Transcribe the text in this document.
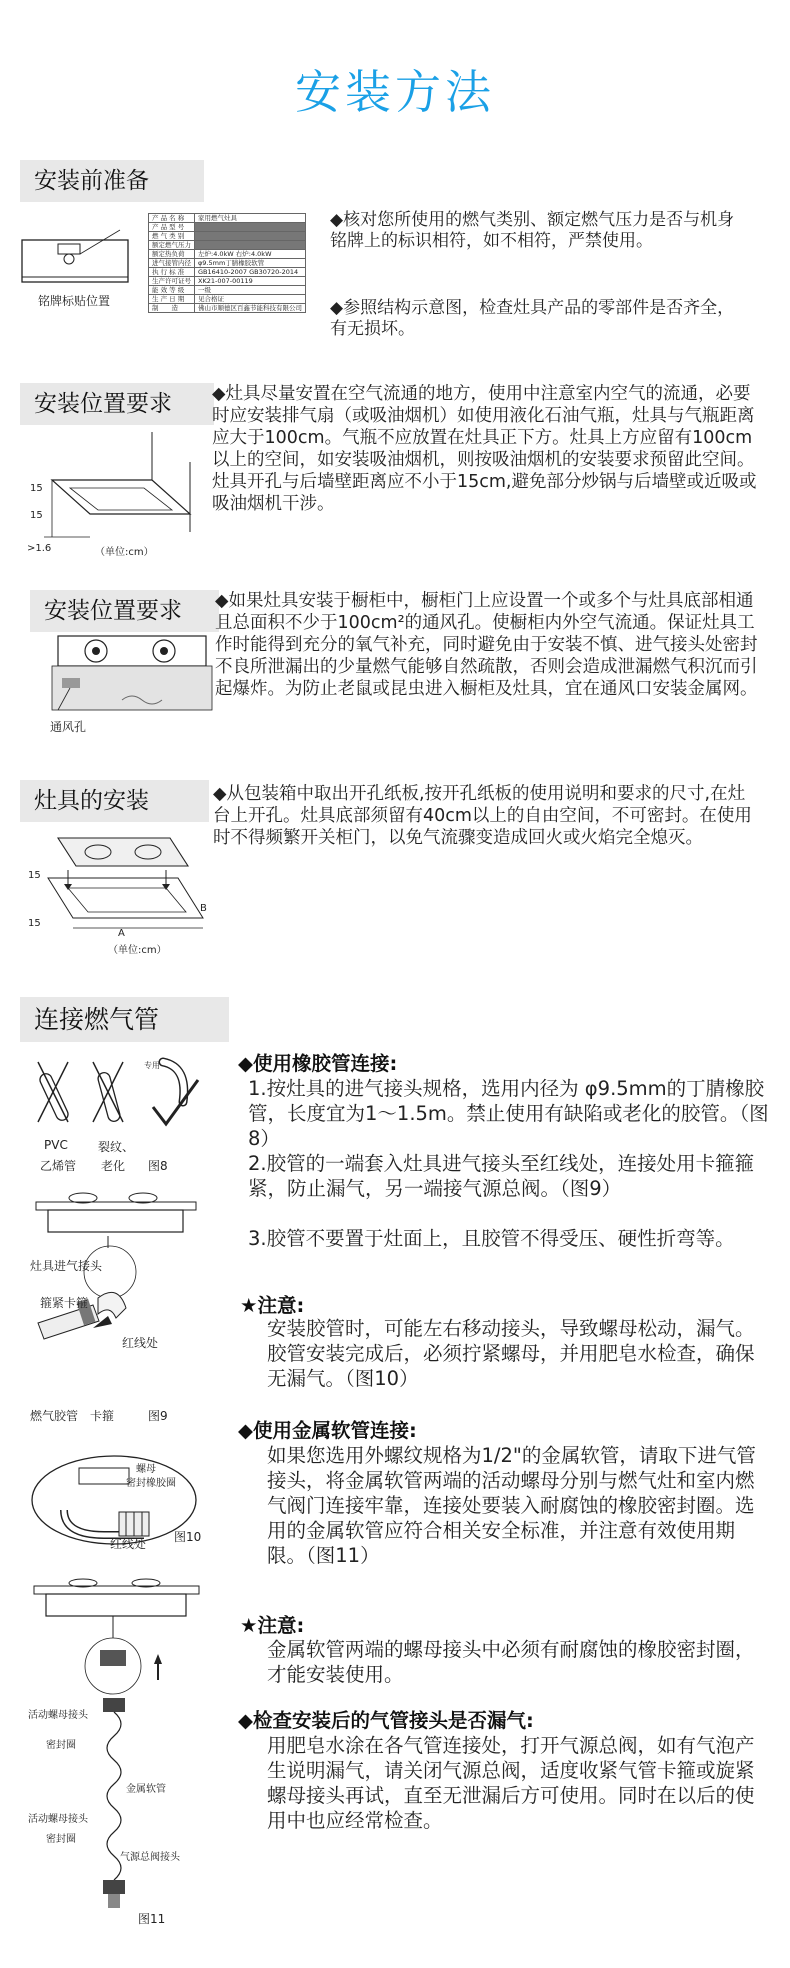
安装方法
安装前准备
铭牌标贴位置
产 品 名 称	家用燃气灶具
产 品 型 号	
燃 气 类 别	
额定燃气压力	
额定热负荷	左炉:4.0kW 右炉:4.0kW
进气接管内径	φ9.5mm丁腈橡胶软管
执 行 标 准	GB16410-2007 GB30720-2014
生产许可证号	XK21-007-00119
能 效 等 级	一级
生 产 日 期	见合格证
制　　造	佛山市顺德区百鑫节能科技有限公司
◆核对您所使用的燃气类别、额定燃气压力是否与机身铭牌上的标识相符，如不相符，严禁使用。
◆参照结构示意图，检查灶具产品的零部件是否齐全，有无损坏。
安装位置要求
15
15
>1.6	（单位:cm）
◆灶具尽量安置在空气流通的地方，使用中注意室内空气的流通，必要时应安装排气扇（或吸油烟机）如使用液化石油气瓶，灶具与气瓶距离应大于100cm。气瓶不应放置在灶具正下方。灶具上方应留有100cm以上的空间，如安装吸油烟机，则按吸油烟机的安装要求预留此空间。灶具开孔与后墙壁距离应不小于15cm,避免部分炒锅与后墙壁或近吸或吸油烟机干涉。
安装位置要求
通风孔
◆如果灶具安装于橱柜中，橱柜门上应设置一个或多个与灶具底部相通且总面积不少于100cm²的通风孔。使橱柜内外空气流通。保证灶具工作时能得到充分的氧气补充，同时避免由于安装不慎、进气接头处密封不良所泄漏出的少量燃气能够自然疏散，否则会造成泄漏燃气积沉而引起爆炸。为防止老鼠或昆虫进入橱柜及灶具，宜在通风口安装金属网。
灶具的安装
15
15
A
B
（单位:cm）
◆从包装箱中取出开孔纸板,按开孔纸板的使用说明和要求的尺寸,在灶台上开孔。灶具底部须留有40cm以上的自由空间，不可密封。在使用时不得频繁开关柜门，以免气流骤变造成回火或火焰完全熄灭。
连接燃气管
专用
PVC
乙烯管
裂纹、
老化 图8
灶具进气接头
箍紧卡箍
红线处
燃气胶管 卡箍	图9
螺母
密封橡胶圈
红线处 图10
活动螺母接头
密封圈
金属软管
活动螺母接头
密封圈
气源总阀接头
图11
◆使用橡胶管连接:
1.按灶具的进气接头规格，选用内径为 φ9.5mm的丁腈橡胶管，长度宜为1～1.5m。禁止使用有缺陷或老化的胶管。（图8）
2.胶管的一端套入灶具进气接头至红线处，连接处用卡箍箍紧，防止漏气，另一端接气源总阀。（图9）
3.胶管不要置于灶面上，且胶管不得受压、硬性折弯等。
★注意:
安装胶管时，可能左右移动接头，导致螺母松动，漏气。胶管安装完成后，必须拧紧螺母，并用肥皂水检查，确保无漏气。（图10）
◆使用金属软管连接:
如果您选用外螺纹规格为1/2"的金属软管，请取下进气管接头，将金属软管两端的活动螺母分别与燃气灶和室内燃气阀门连接牢靠，连接处要装入耐腐蚀的橡胶密封圈。选用的金属软管应符合相关安全标准，并注意有效使用期限。（图11）
★注意:
金属软管两端的螺母接头中必须有耐腐蚀的橡胶密封圈，才能安装使用。
◆检查安装后的气管接头是否漏气:
用肥皂水涂在各气管连接处，打开气源总阀，如有气泡产生说明漏气，请关闭气源总阀，适度收紧气管卡箍或旋紧螺母接头再试，直至无泄漏后方可使用。同时在以后的使用中也应经常检查。
